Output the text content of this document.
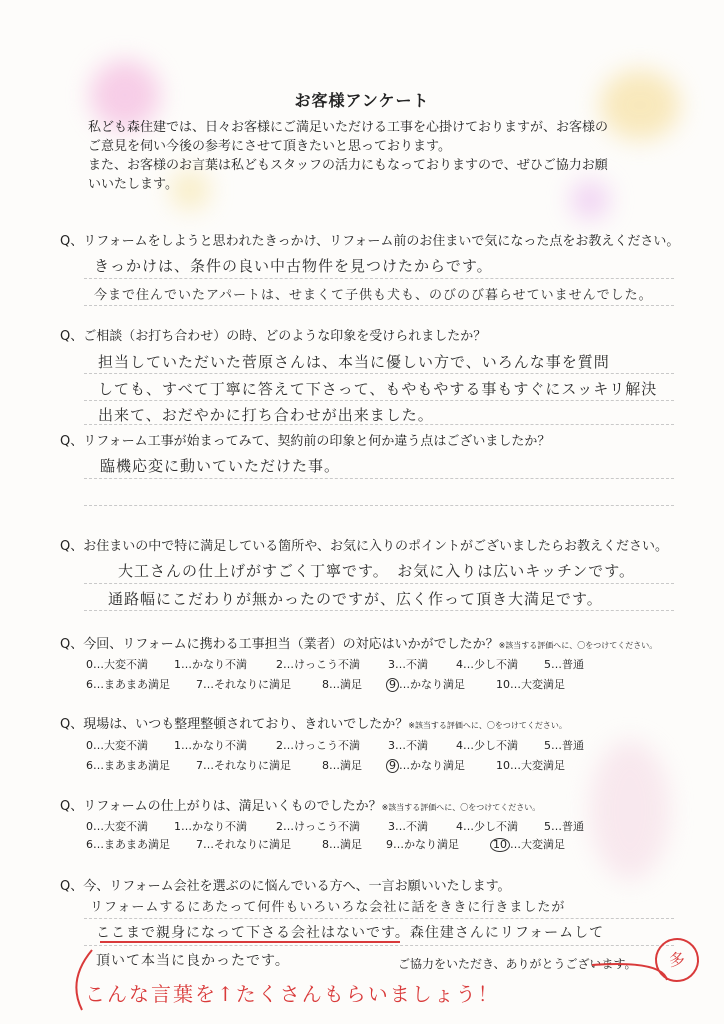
お客様アンケート

私ども森住建では、日々お客様にご満足いただける工事を心掛けておりますが、お客様の

ご意見を伺い今後の参考にさせて頂きたいと思っております。

また、お客様のお言葉は私どもスタッフの活力にもなっておりますので、ぜひご協力お願

いいたします。

Q、リフォームをしようと思われたきっかけ、リフォーム前のお住まいで気になった点をお教えください。
きっかけは、条件の良い中古物件を見つけたからです。
今まで住んでいたアパートは、せまくて子供も犬も、のびのび暮らせていませんでした。
Q、ご相談（お打ち合わせ）の時、どのような印象を受けられましたか？
担当していただいた菅原さんは、本当に優しい方で、いろんな事を質問
しても、すべて丁寧に答えて下さって、もやもやする事もすぐにスッキリ解決
出来て、おだやかに打ち合わせが出来ました。
Q、リフォーム工事が始まってみて、契約前の印象と何か違う点はございましたか？
臨機応変に動いていただけた事。
Q、お住まいの中で特に満足している箇所や、お気に入りのポイントがございましたらお教えください。
大工さんの仕上げがすごく丁寧です。　お気に入りは広いキッチンです。
通路幅にこだわりが無かったのですが、広く作って頂き大満足です。
Q、今回、リフォームに携わる工事担当（業者）の対応はいかがでしたか？※該当する評価へに、〇をつけてください。
0…大変不満 1…かなり不満	2…けっこう不満	3…不満	4…少し不満 5…普通
6…まあまあ満足 7…それなりに満足	8…満足 9 …かなり満足	10…大変満足
Q、現場は、いつも整理整頓されており、きれいでしたか？※該当する評価へに、〇をつけてください。
0…大変不満 1…かなり不満	2…けっこう不満	3…不満	4…少し不満 5…普通
6…まあまあ満足 7…それなりに満足	8…満足 9 …かなり満足	10…大変満足
Q、リフォームの仕上がりは、満足いくものでしたか？※該当する評価へに、〇をつけてください。
0…大変不満 1…かなり不満	2…けっこう不満	3…不満	4…少し不満 5…普通
6…まあまあ満足 7…それなりに満足	8…満足 9…かなり満足	10 …大変満足
Q、今、リフォーム会社を選ぶのに悩んでいる方へ、一言お願いいたします。
リフォームするにあたって何件もいろいろな会社に話をききに行きましたが
ここまで親身になって下さる会社はないです。森住建さんにリフォームして
頂いて本当に良かったです。	ご協力をいただき、ありがとうございます。	多
こんな言葉を↑たくさんもらいましょう！
